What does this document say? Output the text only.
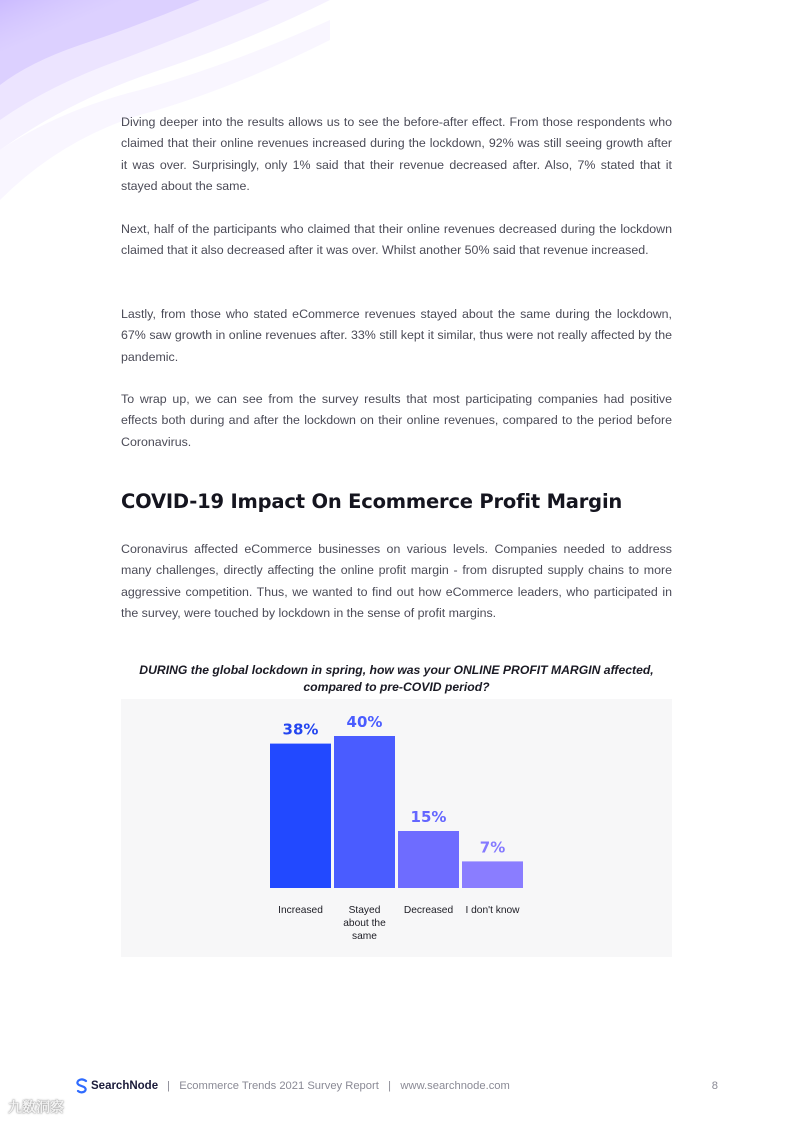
Diving deeper into the results allows us to see the before-after effect. From those respondents who claimed that their online revenues increased during the lockdown, 92% was still seeing growth after it was over. Surprisingly, only 1% said that their revenue decreased after. Also, 7% stated that it stayed about the same.

Next, half of the participants who claimed that their online revenues decreased during the lockdown claimed that it also decreased after it was over. Whilst another 50% said that revenue increased.

Lastly, from those who stated eCommerce revenues stayed about the same during the lockdown, 67% saw growth in online revenues after. 33% still kept it similar, thus were not really affected by the pandemic.

To wrap up, we can see from the survey results that most participating companies had positive effects both during and after the lockdown on their online revenues, compared to the period before Coronavirus.

COVID-19 Impact On Ecommerce Profit Margin

Coronavirus affected eCommerce businesses on various levels. Companies needed to address many challenges, directly affecting the online profit margin - from disrupted supply chains to more aggressive competition. Thus, we wanted to find out how eCommerce leaders, who participated in the survey, were touched by lockdown in the sense of profit margins.

DURING the global lockdown in spring, how was your ONLINE PROFIT MARGIN affected, compared to pre-COVID period?
38% 40%
15%
7%
Increased	Stayed about the same
Decreased	I don't know
SearchNode | Ecommerce Trends 2021 Survey Report | www.searchnode.com	8
九数洞察
